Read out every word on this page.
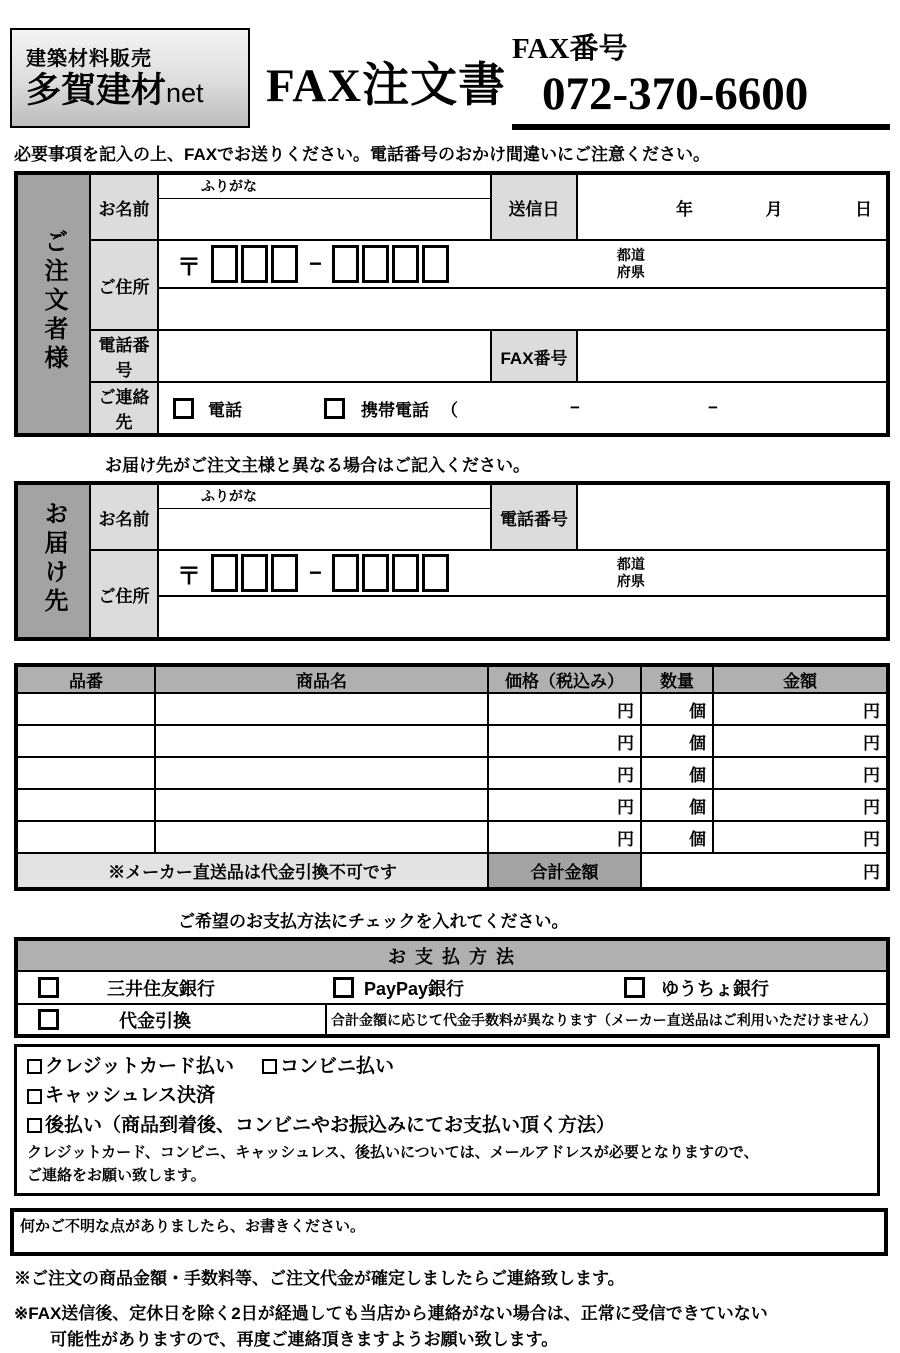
建築材料販売
多賀建材net	FAX注文書
FAX番号
072-370-6600
必要事項を記入の上、FAXでお送りください。電話番号のおかけ間違いにご注意ください。
ご注文者様	お名前	ふりがな	送信日	年 月 日

	ご住所	〒 − 都道
府県		

	電話番号		FAX番号	
	ご連絡先	電話 携帯電話 （ − −		
お届け先がご注文主様と異なる場合はご記入ください。
お届け先	お名前	ふりがな	電話番号	

	ご住所	〒 − 都道
府県		

品番	商品名	価格（税込み）	数量	金額
		円	個	円
		円	個	円
		円	個	円
		円	個	円
		円	個	円
※メーカー直送品は代金引換不可です		合計金額	円	
ご希望のお支払方法にチェックを入れてください。
お 支 払 方 法

三井住友銀行	PayPay銀行	ゆうちょ銀行

代金引換	合計金額に応じて代金手数料が異なります（メーカー直送品はご利用いただけません）
クレジットカード払い コンビニ払い
キャッシュレス決済
後払い（商品到着後、コンビニやお振込みにてお支払い頂く方法）
クレジットカード、コンビニ、キャッシュレス、後払いについては、メールアドレスが必要となりますので、
ご連絡をお願い致します。
何かご不明な点がありましたら、お書きください。
※ご注文の商品金額・手数料等、ご注文代金が確定しましたらご連絡致します。
※FAX送信後、定休日を除く2日が経過しても当店から連絡がない場合は、正常に受信できていない
可能性がありますので、再度ご連絡頂きますようお願い致します。
